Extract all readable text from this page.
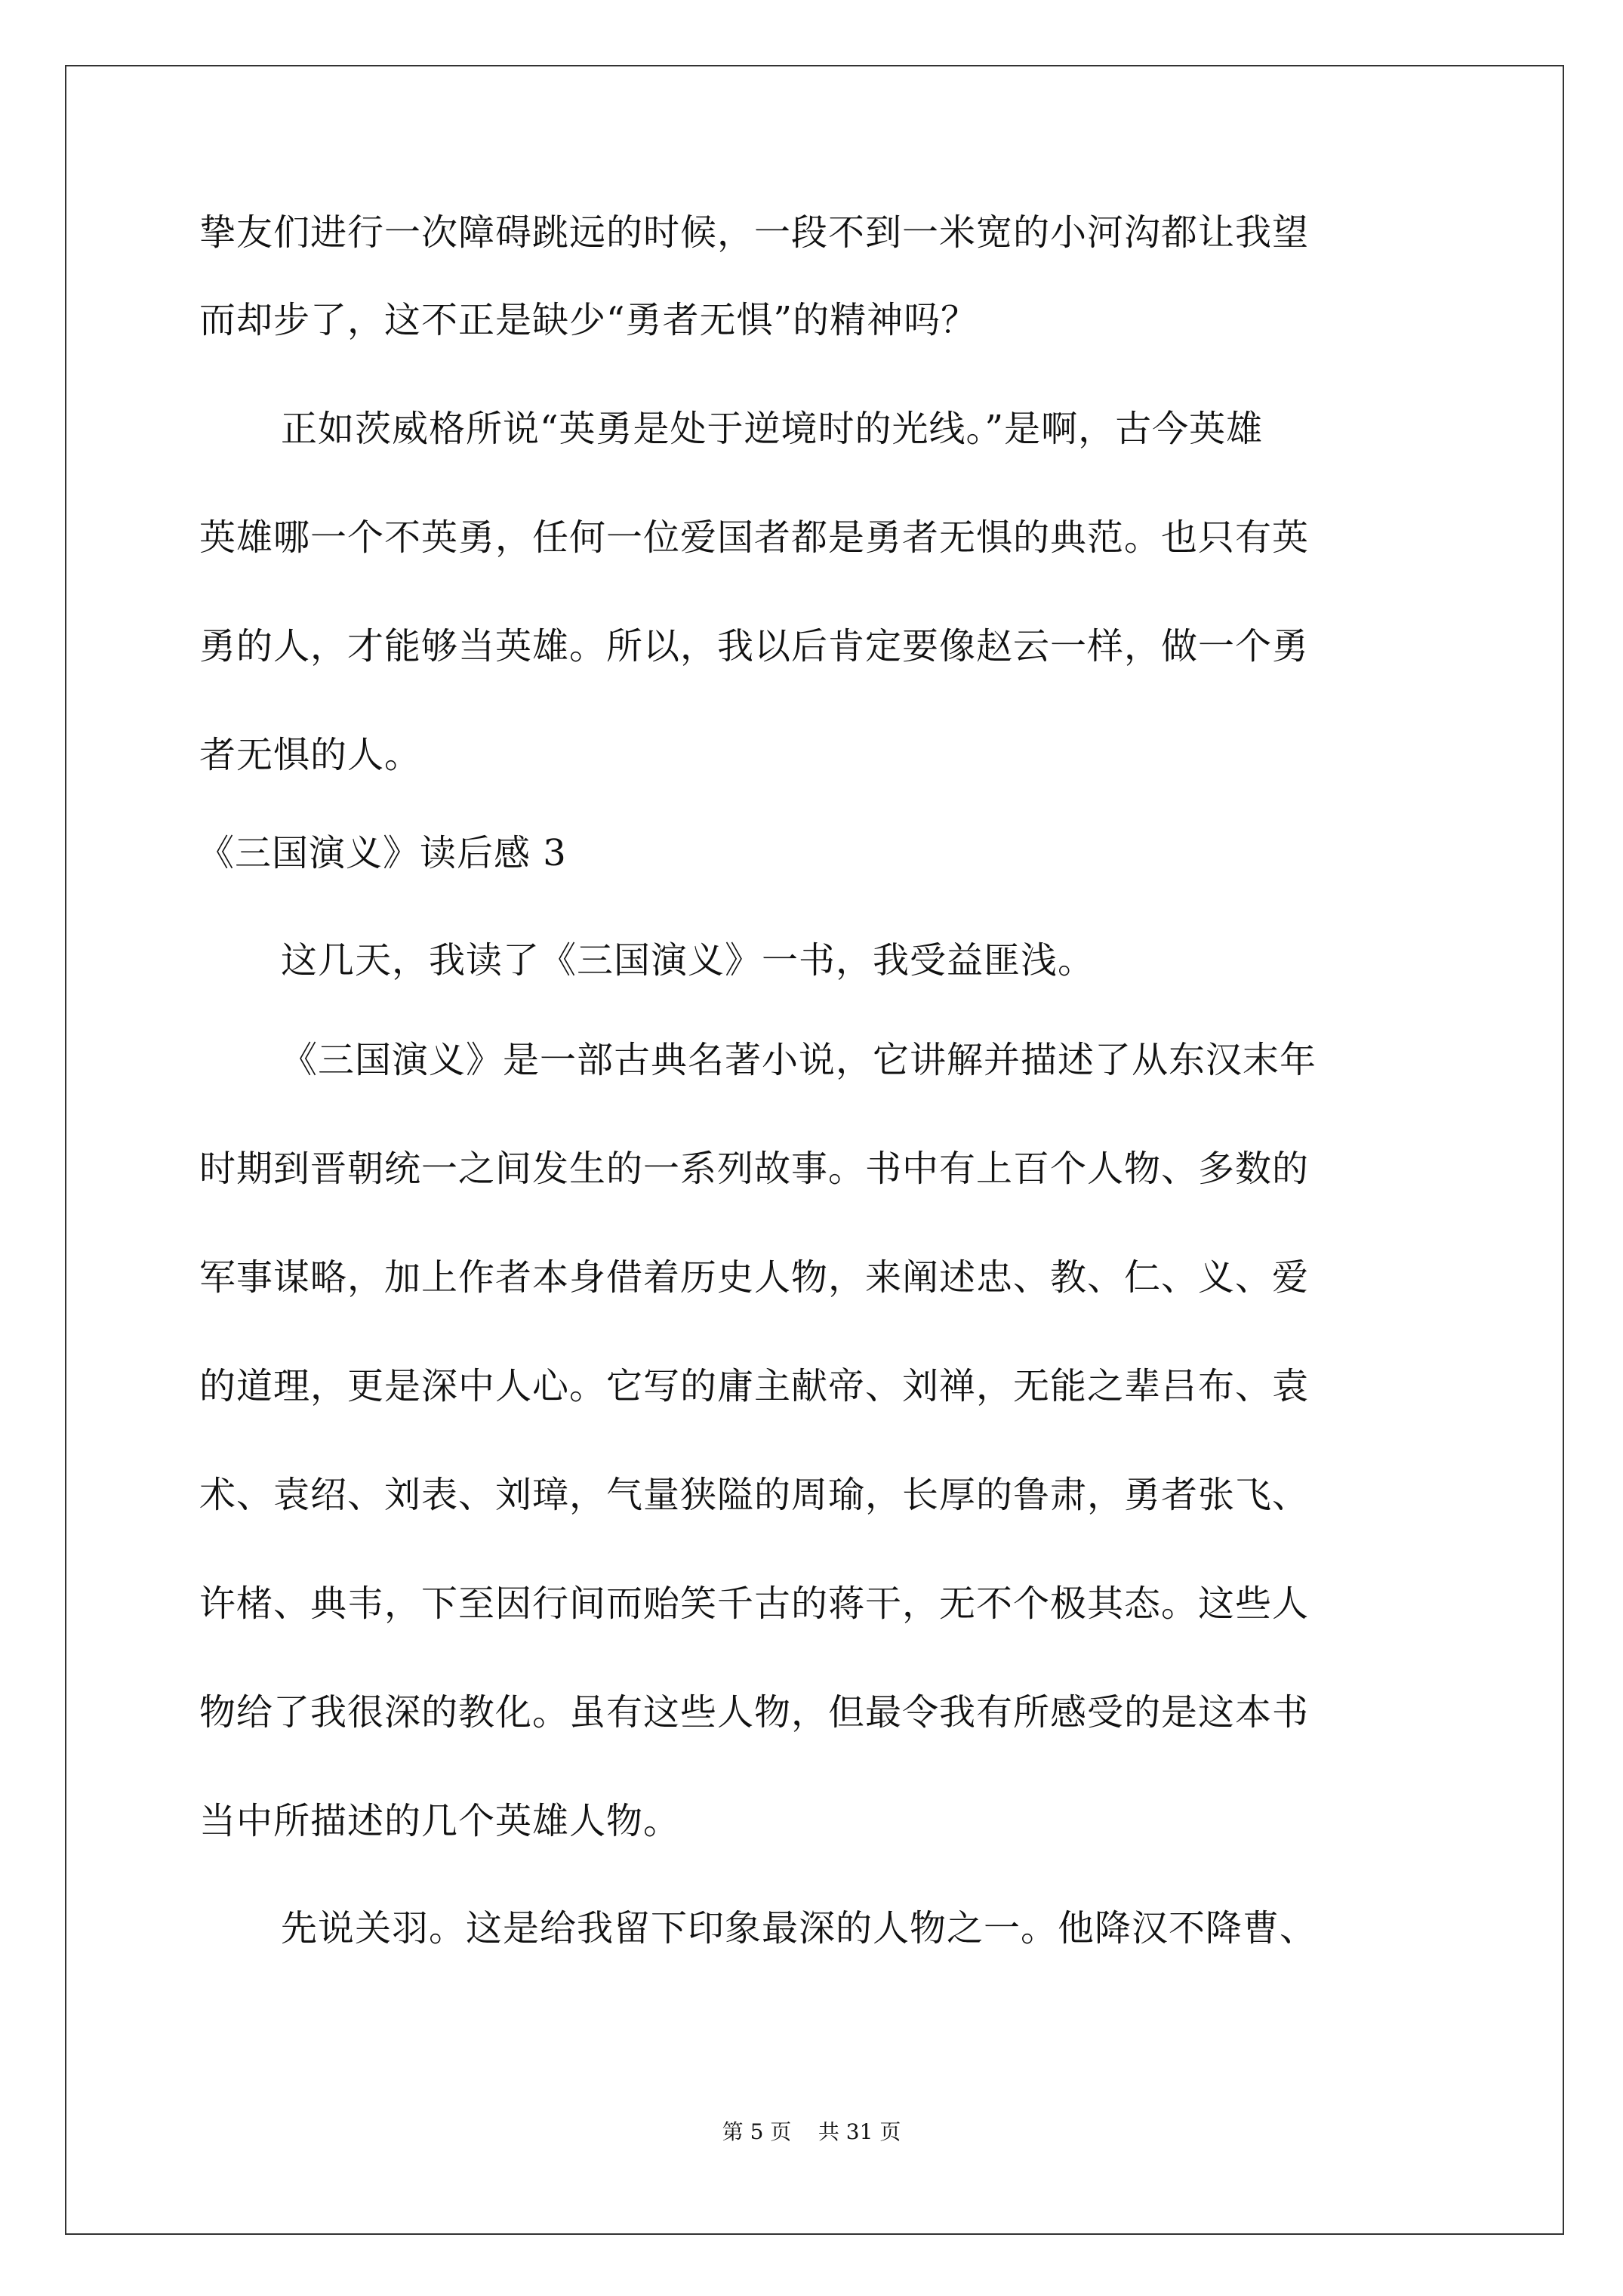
挚友们进行一次障碍跳远的时候，一段不到一米宽的小河沟都让我望
而却步了，这不正是缺少“勇者无惧”的精神吗？
正如茨威格所说“英勇是处于逆境时的光线。”是啊，古今英雄
英雄哪一个不英勇，任何一位爱国者都是勇者无惧的典范。也只有英
勇的人，才能够当英雄。所以，我以后肯定要像赵云一样，做一个勇
者无惧的人。
《三国演义》读后感 3
这几天，我读了《三国演义》一书，我受益匪浅。
《三国演义》是一部古典名著小说，它讲解并描述了从东汉末年
时期到晋朝统一之间发生的一系列故事。书中有上百个人物、多数的
军事谋略，加上作者本身借着历史人物，来阐述忠、教、仁、义、爱
的道理，更是深中人心。它写的庸主献帝、刘禅，无能之辈吕布、袁
术、袁绍、刘表、刘璋，气量狭隘的周瑜，长厚的鲁肃，勇者张飞、
许楮、典韦，下至因行间而贻笑千古的蒋干，无不个极其态。这些人
物给了我很深的教化。虽有这些人物，但最令我有所感受的是这本书
当中所描述的几个英雄人物。
先说关羽。这是给我留下印象最深的人物之一。他降汉不降曹、
第 5 页    共 31 页
